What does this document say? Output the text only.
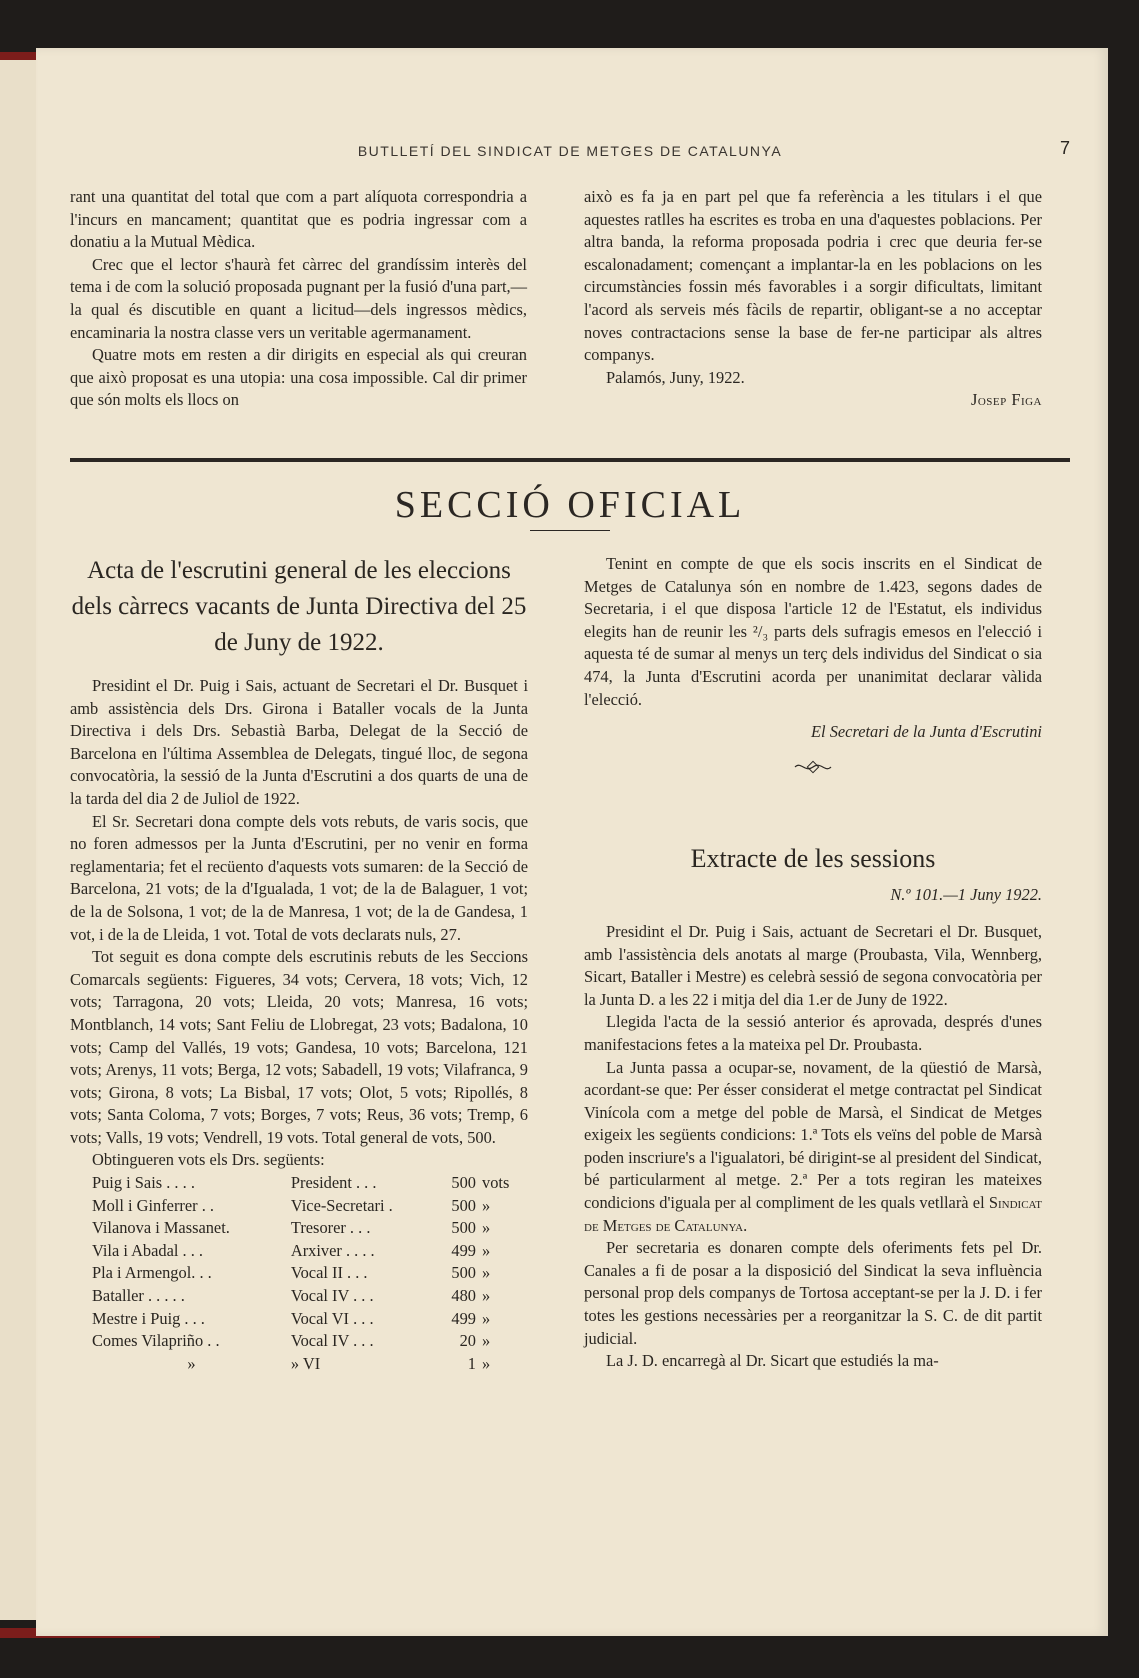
BUTLLETÍ DEL SINDICAT DE METGES DE CATALUNYA	7

rant una quantitat del total que com a part alíquota correspondria a l'incurs en mancament; quantitat que es podria ingressar com a donatiu a la Mutual Mèdica.

Crec que el lector s'haurà fet càrrec del grandíssim interès del tema i de com la solució proposada pugnant per la fusió d'una part,—la qual és discutible en quant a licitud—dels ingressos mèdics, encaminaria la nostra classe vers un veritable agermanament.

Quatre mots em resten a dir dirigits en especial als qui creuran que això proposat es una utopia: una cosa impossible. Cal dir primer que són molts els llocs on

això es fa ja en part pel que fa referència a les titulars i el que aquestes ratlles ha escrites es troba en una d'aquestes poblacions. Per altra banda, la reforma proposada podria i crec que deuria fer-se escalonadament; començant a implantar-la en les poblacions on les circumstàncies fossin més favorables i a sorgir dificultats, limitant l'acord als serveis més fàcils de repartir, obligant-se a no acceptar noves contractacions sense la base de fer-ne participar als altres companys.

Palamós, Juny, 1922.

Josep Figa
SECCIÓ OFICIAL
Acta de l'escrutini general de les eleccions dels càrrecs vacants de Junta Directiva del 25 de Juny de 1922.

Presidint el Dr. Puig i Sais, actuant de Secretari el Dr. Busquet i amb assistència dels Drs. Girona i Bataller vocals de la Junta Directiva i dels Drs. Sebastià Barba, Delegat de la Secció de Barcelona en l'última Assemblea de Delegats, tingué lloc, de segona convocatòria, la sessió de la Junta d'Escrutini a dos quarts de una de la tarda del dia 2 de Juliol de 1922.

El Sr. Secretari dona compte dels vots rebuts, de varis socis, que no foren admessos per la Junta d'Escrutini, per no venir en forma reglamentaria; fet el recüento d'aquests vots sumaren: de la Secció de Barcelona, 21 vots; de la d'Igualada, 1 vot; de la de Balaguer, 1 vot; de la de Solsona, 1 vot; de la de Manresa, 1 vot; de la de Gandesa, 1 vot, i de la de Lleida, 1 vot. Total de vots declarats nuls, 27.

Tot seguit es dona compte dels escrutinis rebuts de les Seccions Comarcals següents: Figueres, 34 vots; Cervera, 18 vots; Vich, 12 vots; Tarragona, 20 vots; Lleida, 20 vots; Manresa, 16 vots; Montblanch, 14 vots; Sant Feliu de Llobregat, 23 vots; Badalona, 10 vots; Camp del Vallés, 19 vots; Gandesa, 10 vots; Barcelona, 121 vots; Arenys, 11 vots; Berga, 12 vots; Sabadell, 19 vots; Vilafranca, 9 vots; Girona, 8 vots; La Bisbal, 17 vots; Olot, 5 vots; Ripollés, 8 vots; Santa Coloma, 7 vots; Borges, 7 vots; Reus, 36 vots; Tremp, 6 vots; Valls, 19 vots; Vendrell, 19 vots. Total general de vots, 500.

Obtingueren vots els Drs. següents:

Puig i Sais . . . .	President . . .	500	vots
Moll i Ginferrer . .	Vice-Secretari .	500	»
Vilanova i Massanet.	Tresorer . . .	500	»
Vila i Abadal . . .	Arxiver . . . .	499	»
Pla i Armengol. . .	Vocal II . . .	500	»
Bataller . . . . .	Vocal IV . . .	480	»
Mestre i Puig . . .	Vocal VI . . .	499	»
Comes Vilapriño . .	Vocal IV . . .	20	»
»	» VI	1	»

Tenint en compte de que els socis inscrits en el Sindicat de Metges de Catalunya són en nombre de 1.423, segons dades de Secretaria, i el que disposa l'article 12 de l'Estatut, els individus elegits han de reunir les ²/₃ parts dels sufragis emesos en l'elecció i aquesta té de sumar al menys un terç dels individus del Sindicat o sia 474, la Junta d'Escrutini acorda per unanimitat declarar vàlida l'elecció.

El Secretari de la Junta d'Escrutini

Extracte de les sessions

N.º 101.—1 Juny 1922.

Presidint el Dr. Puig i Sais, actuant de Secretari el Dr. Busquet, amb l'assistència dels anotats al marge (Proubasta, Vila, Wennberg, Sicart, Bataller i Mestre) es celebrà sessió de segona convocatòria per la Junta D. a les 22 i mitja del dia 1.er de Juny de 1922.

Llegida l'acta de la sessió anterior és aprovada, després d'unes manifestacions fetes a la mateixa pel Dr. Proubasta.

La Junta passa a ocupar-se, novament, de la qüestió de Marsà, acordant-se que: Per ésser considerat el metge contractat pel Sindicat Vinícola com a metge del poble de Marsà, el Sindicat de Metges exigeix les següents condicions: 1.ª Tots els veïns del poble de Marsà poden inscriure's a l'igualatori, bé dirigint-se al president del Sindicat, bé particularment al metge. 2.ª Per a tots regiran les mateixes condicions d'iguala per al compliment de les quals vetllarà el Sindicat de Metges de Catalunya.

Per secretaria es donaren compte dels oferiments fets pel Dr. Canales a fi de posar a la disposició del Sindicat la seva influència personal prop dels companys de Tortosa acceptant-se per la J. D. i fer totes les gestions necessàries per a reorganitzar la S. C. de dit partit judicial.

La J. D. encarregà al Dr. Sicart que estudiés la ma-
